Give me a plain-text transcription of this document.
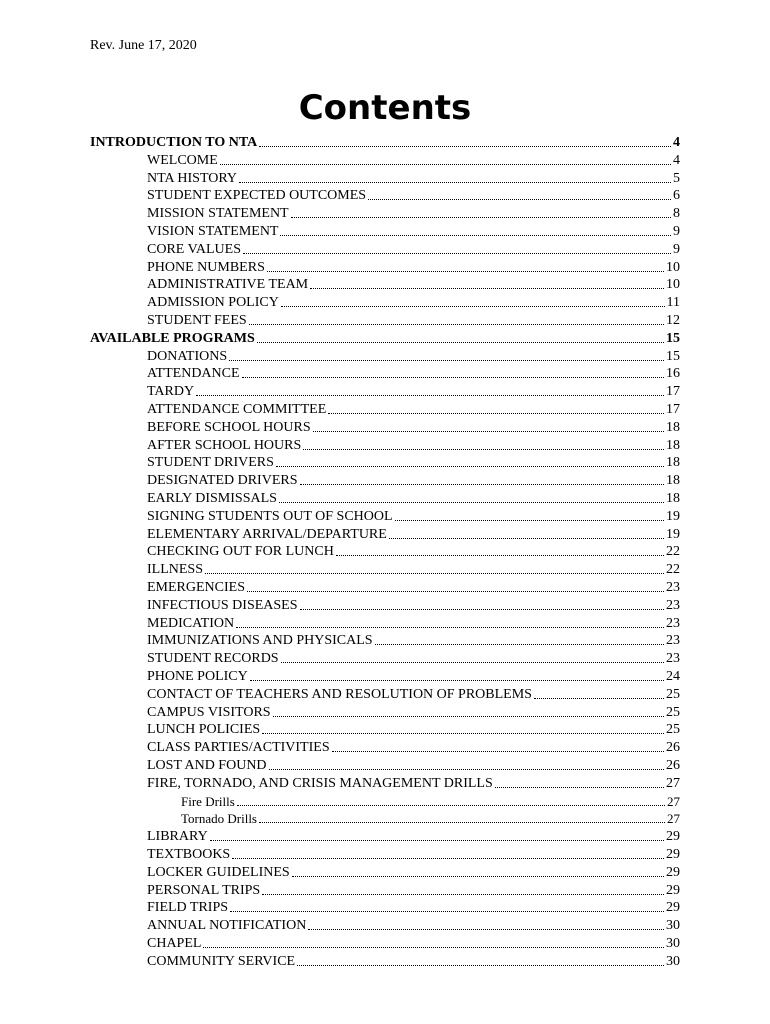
Rev. June 17, 2020
Contents
INTRODUCTION TO NTA	4
WELCOME	4
NTA HISTORY	5
STUDENT EXPECTED OUTCOMES	6
MISSION STATEMENT	8
VISION STATEMENT	9
CORE VALUES	9
PHONE NUMBERS	10
ADMINISTRATIVE TEAM	10
ADMISSION POLICY	11
STUDENT FEES	12
AVAILABLE PROGRAMS	15
DONATIONS	15
ATTENDANCE	16
TARDY	17
ATTENDANCE COMMITTEE	17
BEFORE SCHOOL HOURS	18
AFTER SCHOOL HOURS	18
STUDENT DRIVERS	18
DESIGNATED DRIVERS	18
EARLY DISMISSALS	18
SIGNING STUDENTS OUT OF SCHOOL	19
ELEMENTARY ARRIVAL/DEPARTURE	19
CHECKING OUT FOR LUNCH	22
ILLNESS	22
EMERGENCIES	23
INFECTIOUS DISEASES	23
MEDICATION	23
IMMUNIZATIONS AND PHYSICALS	23
STUDENT RECORDS	23
PHONE POLICY	24
CONTACT OF TEACHERS AND RESOLUTION OF PROBLEMS	25
CAMPUS VISITORS	25
LUNCH POLICIES	25
CLASS PARTIES/ACTIVITIES	26
LOST AND FOUND	26
FIRE, TORNADO, AND CRISIS MANAGEMENT DRILLS	27
Fire Drills	27
Tornado Drills	27
LIBRARY	29
TEXTBOOKS	29
LOCKER GUIDELINES	29
PERSONAL TRIPS	29
FIELD TRIPS	29
ANNUAL NOTIFICATION	30
CHAPEL	30
COMMUNITY SERVICE	30
